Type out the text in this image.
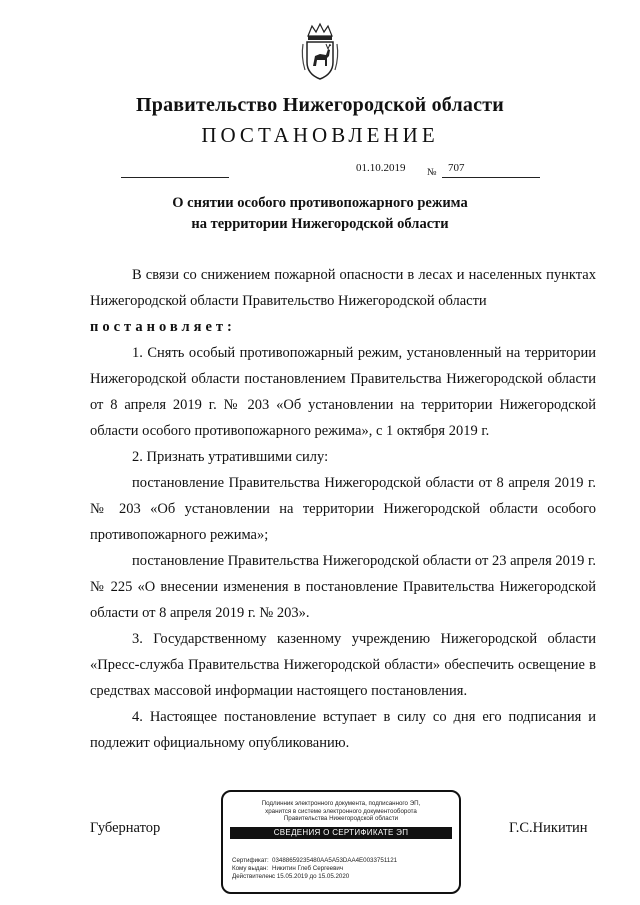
Правительство Нижегородской области
ПОСТАНОВЛЕНИЕ
01.10.2019 № 707
О снятии особого противопожарного режима
на территории Нижегородской области

В связи со снижением пожарной опасности в лесах и населенных пунктах Нижегородской области Правительство Нижегородской области

постановляет:

1. Снять особый противопожарный режим, установленный на территории Нижегородской области постановлением Правительства Нижегородской области от 8 апреля 2019 г. № 203 «Об установлении на территории Нижегородской области особого противопожарного режима», с 1 октября 2019 г.

2. Признать утратившими силу:

постановление Правительства Нижегородской области от 8 апреля 2019 г. № 203 «Об установлении на территории Нижегородской области особого противопожарного режима»;

постановление Правительства Нижегородской области от 23 апреля 2019 г. № 225 «О внесении изменения в постановление Правительства Нижегородской области от 8 апреля 2019 г. № 203».

3. Государственному казенному учреждению Нижегородской области «Пресс-служба Правительства Нижегородской области» обеспечить освещение в средствах массовой информации настоящего постановления.

4. Настоящее постановление вступает в силу со дня его подписания и подлежит официальному опубликованию.

Губернатор	Г.С.Никитин
Подлинник электронного документа, подписанного ЭП,
хранится в системе электронного документооборота
Правительства Нижегородской области
СВЕДЕНИЯ О СЕРТИФИКАТЕ ЭП
Сертификат: 03488659235480AA5A53DAA4E0033751121
Кому выдан: Никитин Глеб Сергеевич
Действителен:с 15.05.2019 до 15.05.2020
